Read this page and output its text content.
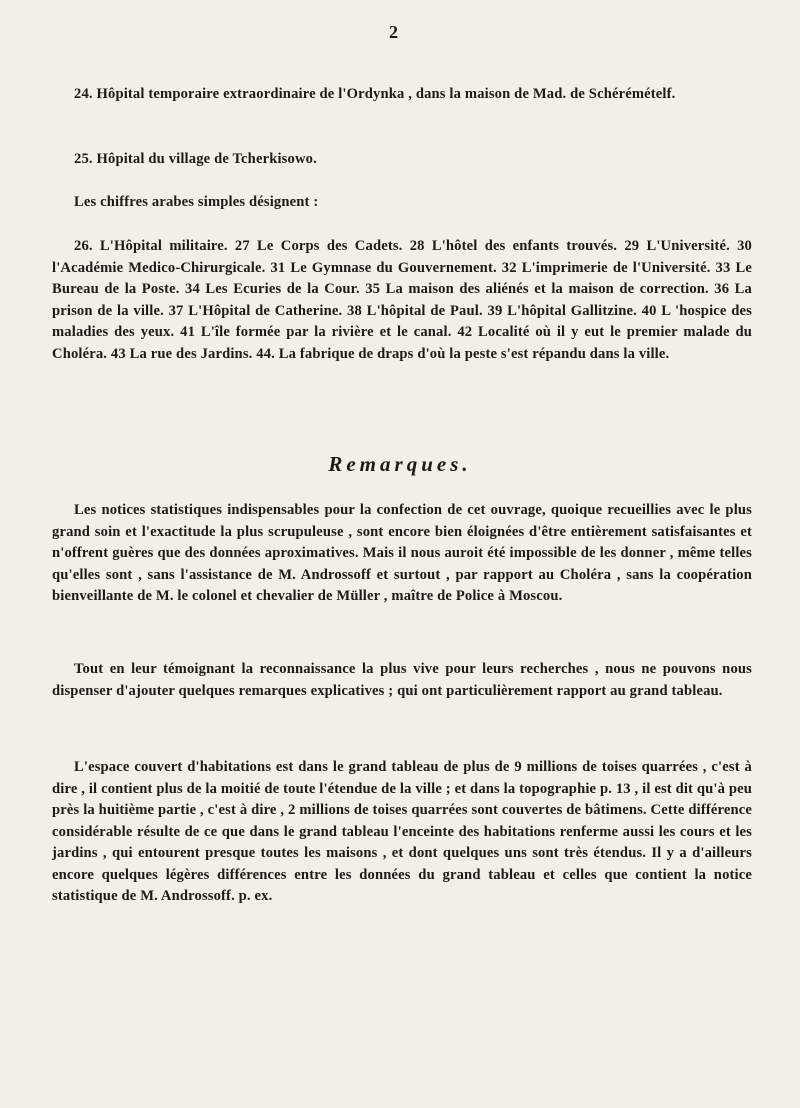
2

24. Hôpital temporaire extraordinaire de l'Ordynka , dans la maison de Mad. de Schérémételf.

25. Hôpital du village de Tcherkisowo.

Les chiffres arabes simples désignent :

26. L'Hôpital militaire. 27 Le Corps des Cadets. 28 L'hôtel des enfants trouvés. 29 L'Université. 30 l'Académie Medico-Chirurgicale. 31 Le Gymnase du Gouvernement. 32 L'imprimerie de l'Université. 33 Le Bureau de la Poste. 34 Les Ecuries de la Cour. 35 La maison des aliénés et la maison de correction. 36 La prison de la ville. 37 L'Hôpital de Catherine. 38 L'hôpital de Paul. 39 L'hôpital Gallitzine. 40 L 'hospice des maladies des yeux. 41 L'île formée par la rivière et le canal. 42 Localité où il y eut le premier malade du Choléra. 43 La rue des Jardins. 44. La fabrique de draps d'où la peste s'est répandu dans la ville.

Remarques.

Les notices statistiques indispensables pour la confection de cet ouvrage, quoique recueillies avec le plus grand soin et l'exactitude la plus scrupuleuse , sont encore bien éloignées d'être entièrement satisfaisantes et n'offrent guères que des données aproximatives. Mais il nous auroit été impossible de les donner , même telles qu'elles sont , sans l'assistance de M. Androssoff et surtout , par rapport au Choléra , sans la coopération bienveillante de M. le colonel et chevalier de Müller , maître de Police à Moscou.

Tout en leur témoignant la reconnaissance la plus vive pour leurs recherches , nous ne pouvons nous dispenser d'ajouter quelques remarques explicatives ; qui ont particulièrement rapport au grand tableau.

L'espace couvert d'habitations est dans le grand tableau de plus de 9 millions de toises quarrées , c'est à dire , il contient plus de la moitié de toute l'étendue de la ville ; et dans la topographie p. 13 , il est dit qu'à peu près la huitième partie , c'est à dire , 2 millions de toises quarrées sont couvertes de bâtimens. Cette différence considérable résulte de ce que dans le grand tableau l'enceinte des habitations renferme aussi les cours et les jardins , qui entourent presque toutes les maisons , et dont quelques uns sont très étendus. Il y a d'ailleurs encore quelques légères différences entre les données du grand tableau et celles que contient la notice statistique de M. Androssoff. p. ex.
